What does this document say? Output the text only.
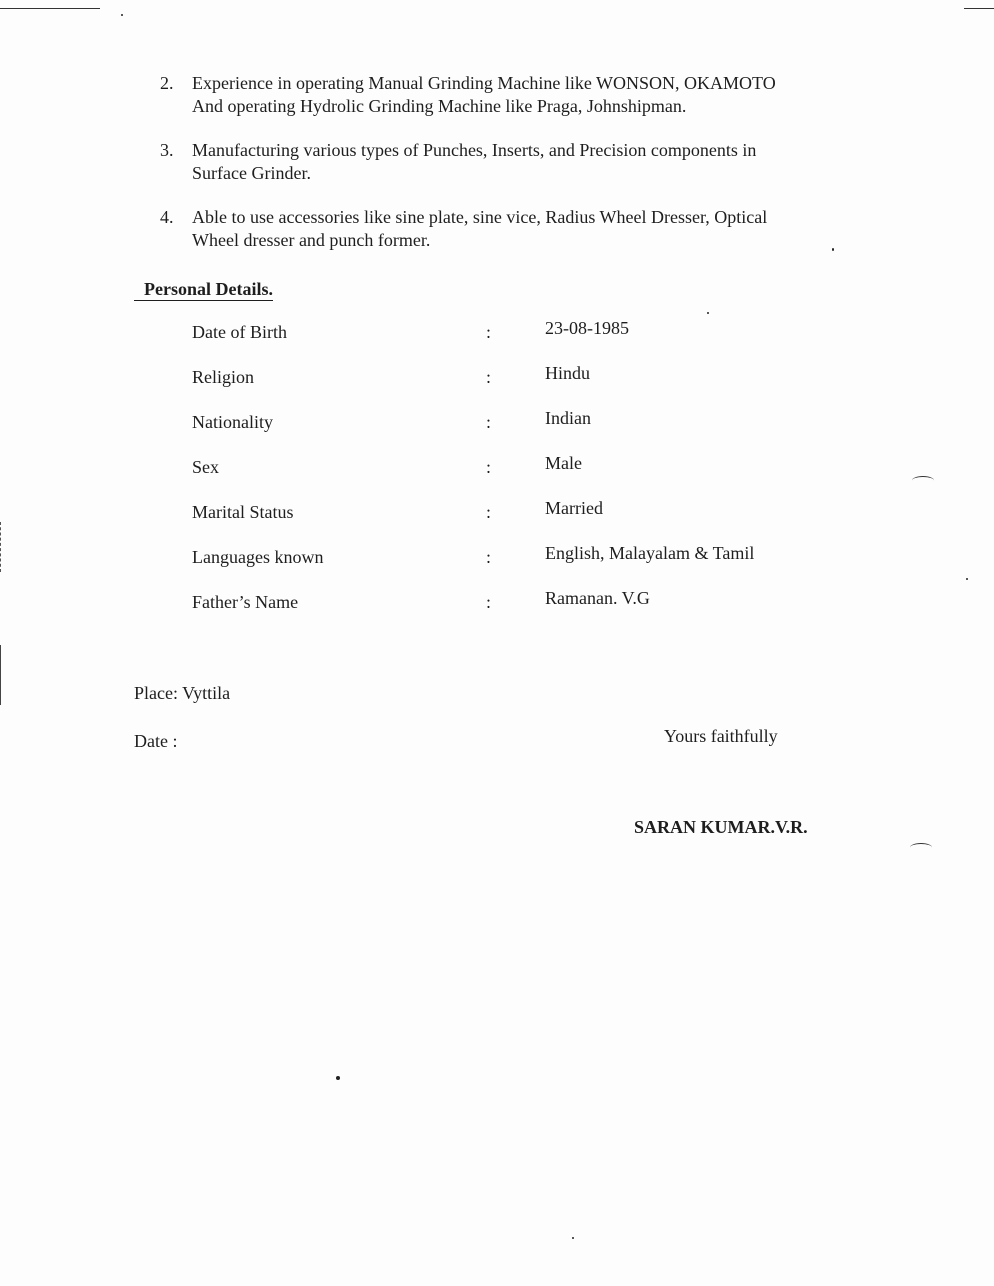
2.	Experience in operating Manual Grinding Machine like WONSON, OKAMOTO
And operating Hydrolic Grinding Machine like Praga, Johnshipman.
3.	Manufacturing various types of Punches, Inserts, and Precision components in
Surface Grinder.
4.	Able to use accessories like sine plate, sine vice, Radius Wheel Dresser, Optical
Wheel dresser and punch former.
Personal Details.
Date of Birth	:	23-08-1985
Religion	:	Hindu
Nationality	:	Indian
Sex	:	Male
Marital Status	:	Married
Languages known	:	English, Malayalam & Tamil
Father’s Name	:	Ramanan. V.G
Place: Vyttila
Date :	Yours faithfully
SARAN KUMAR.V.R.
